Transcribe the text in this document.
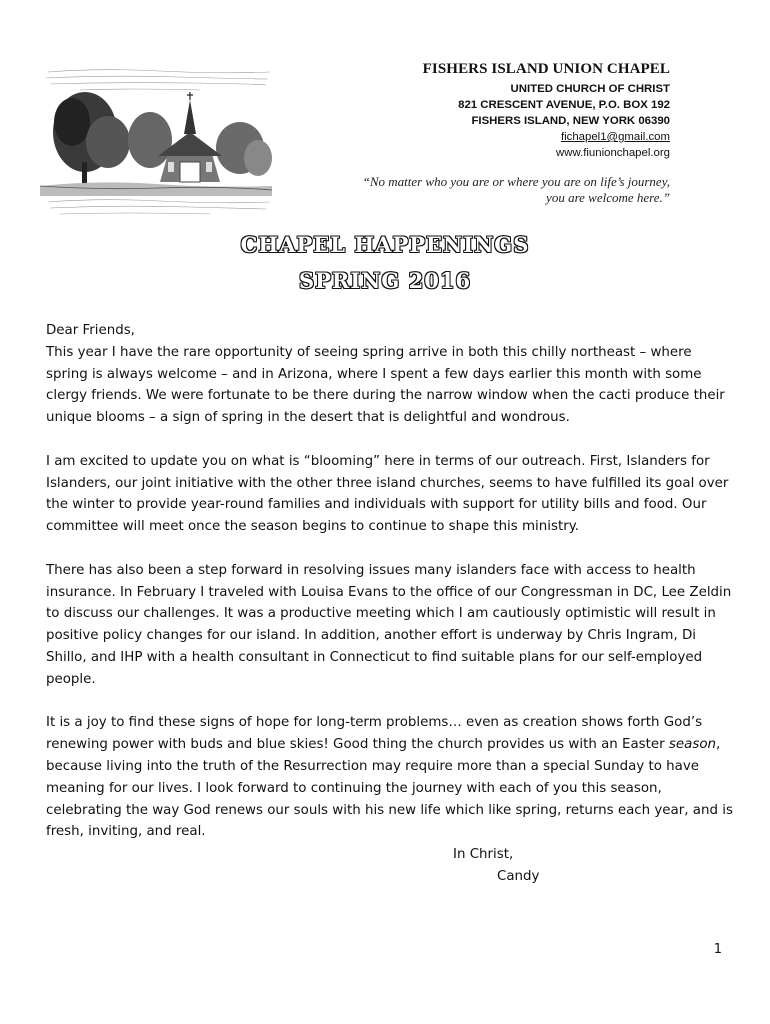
FISHERS ISLAND UNION CHAPEL
UNITED CHURCH OF CHRIST
821 CRESCENT AVENUE, P.O. BOX 192
FISHERS ISLAND, NEW YORK 06390
fichapel1@gmail.com
www.fiunionchapel.org
“No matter who you are or where you are on life’s journey,
you are welcome here.”
CHAPEL HAPPENINGS
SPRING 2016

Dear Friends,

This year I have the rare opportunity of seeing spring arrive in both this chilly northeast – where spring is always welcome – and in Arizona, where I spent a few days earlier this month with some clergy friends. We were fortunate to be there during the narrow window when the cacti produce their unique blooms – a sign of spring in the desert that is delightful and wondrous.

I am excited to update you on what is “blooming” here in terms of our outreach. First, Islanders for Islanders, our joint initiative with the other three island churches, seems to have fulfilled its goal over the winter to provide year-round families and individuals with support for utility bills and food. Our committee will meet once the season begins to continue to shape this ministry.

There has also been a step forward in resolving issues many islanders face with access to health insurance. In February I traveled with Louisa Evans to the office of our Congressman in DC, Lee Zeldin to discuss our challenges. It was a productive meeting which I am cautiously optimistic will result in positive policy changes for our island. In addition, another effort is underway by Chris Ingram, Di Shillo, and IHP with a health consultant in Connecticut to find suitable plans for our self-employed people.

It is a joy to find these signs of hope for long-term problems… even as creation shows forth God’s renewing power with buds and blue skies! Good thing the church provides us with an Easter season, because living into the truth of the Resurrection may require more than a special Sunday to have meaning for our lives. I look forward to continuing the journey with each of you this season, celebrating the way God renews our souls with his new life which like spring, returns each year, and is fresh, inviting, and real.

In Christ,
Candy
1
